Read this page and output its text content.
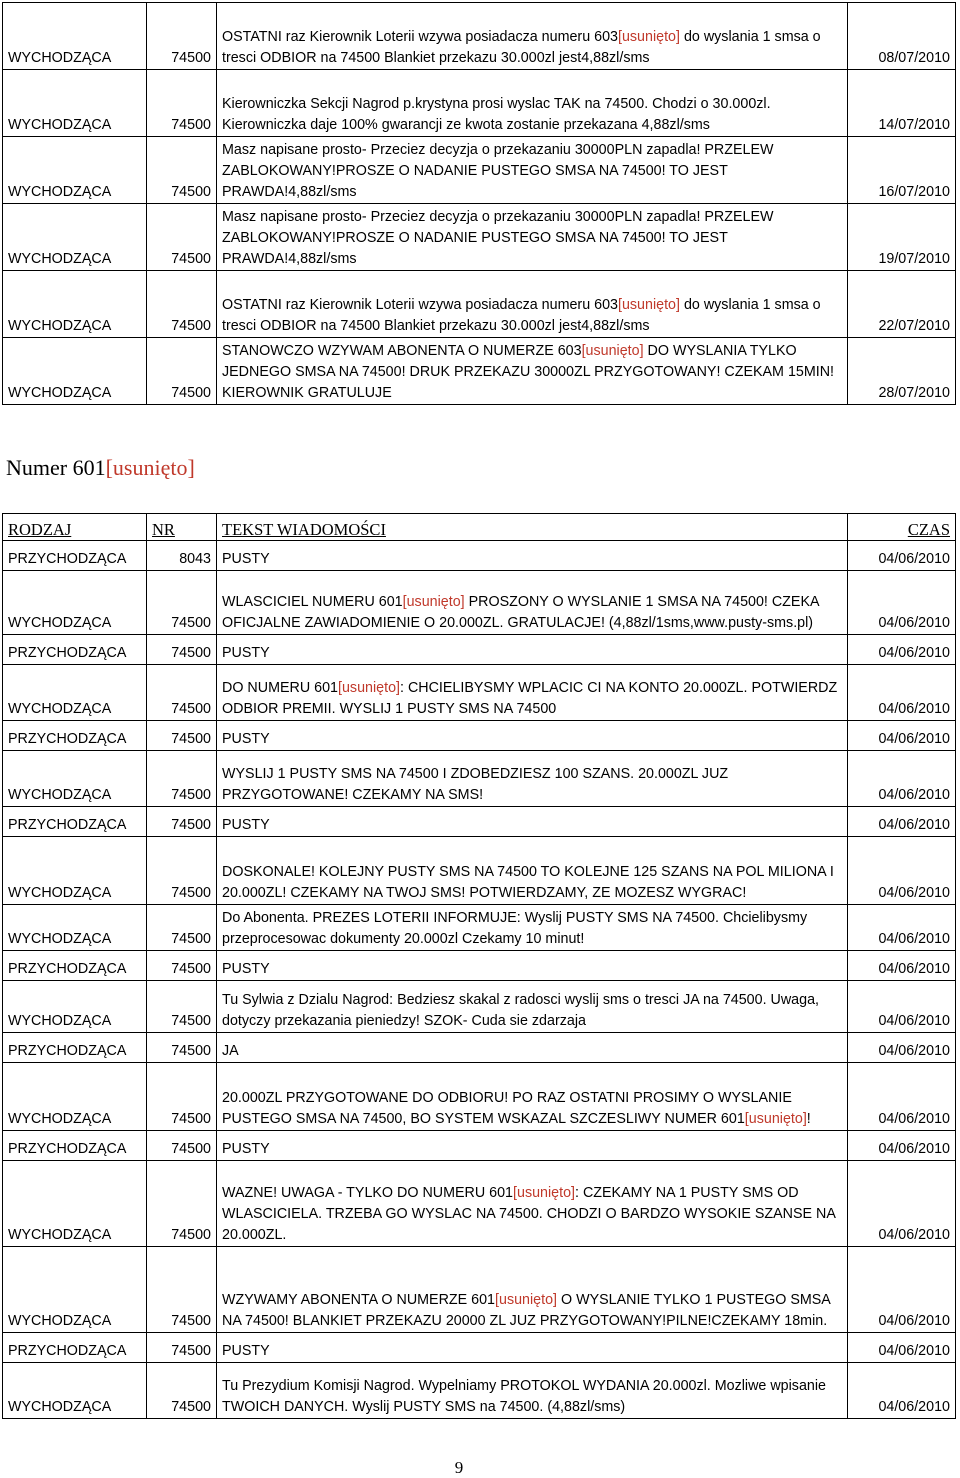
WYCHODZĄCA	74500	OSTATNI raz Kierownik Loterii wzywa posiadacza numeru 603[usunięto] do wyslania 1 smsa o tresci ODBIOR na 74500 Blankiet przekazu 30.000zl jest4,88zl/sms	08/07/2010
WYCHODZĄCA	74500	Kierowniczka Sekcji Nagrod p.krystyna prosi wyslac TAK na 74500. Chodzi o 30.000zl. Kierowniczka daje 100% gwarancji ze kwota zostanie przekazana 4,88zl/sms	14/07/2010
WYCHODZĄCA	74500	Masz napisane prosto- Przeciez decyzja o przekazaniu 30000PLN zapadla! PRZELEW ZABLOKOWANY!PROSZE O NADANIE PUSTEGO SMSA NA 74500! TO JEST PRAWDA!4,88zl/sms	16/07/2010
WYCHODZĄCA	74500	Masz napisane prosto- Przeciez decyzja o przekazaniu 30000PLN zapadla! PRZELEW ZABLOKOWANY!PROSZE O NADANIE PUSTEGO SMSA NA 74500! TO JEST PRAWDA!4,88zl/sms	19/07/2010
WYCHODZĄCA	74500	OSTATNI raz Kierownik Loterii wzywa posiadacza numeru 603[usunięto] do wyslania 1 smsa o tresci ODBIOR na 74500 Blankiet przekazu 30.000zl jest4,88zl/sms	22/07/2010
WYCHODZĄCA	74500	STANOWCZO WZYWAM ABONENTA O NUMERZE 603[usunięto] DO WYSLANIA TYLKO JEDNEGO SMSA NA 74500! DRUK PRZEKAZU 30000ZL PRZYGOTOWANY! CZEKAM 15MIN! KIEROWNIK GRATULUJE	28/07/2010
Numer 601[usunięto]
RODZAJ	NR	TEKST WIADOMOŚCI	CZAS
PRZYCHODZĄCA	8043	PUSTY	04/06/2010
WYCHODZĄCA	74500	WLASCICIEL NUMERU 601[usunięto] PROSZONY O WYSLANIE 1 SMSA NA 74500! CZEKA OFICJALNE ZAWIADOMIENIE O 20.000ZL. GRATULACJE! (4,88zl/1sms,www.pusty-sms.pl)	04/06/2010
PRZYCHODZĄCA	74500	PUSTY	04/06/2010
WYCHODZĄCA	74500	DO NUMERU 601[usunięto]: CHCIELIBYSMY WPLACIC CI NA KONTO 20.000ZL. POTWIERDZ ODBIOR PREMII. WYSLIJ 1 PUSTY SMS NA 74500	04/06/2010
PRZYCHODZĄCA	74500	PUSTY	04/06/2010
WYCHODZĄCA	74500	WYSLIJ 1 PUSTY SMS NA 74500 I ZDOBEDZIESZ 100 SZANS. 20.000ZL JUZ PRZYGOTOWANE! CZEKAMY NA SMS!	04/06/2010
PRZYCHODZĄCA	74500	PUSTY	04/06/2010
WYCHODZĄCA	74500	DOSKONALE! KOLEJNY PUSTY SMS NA 74500 TO KOLEJNE 125 SZANS NA POL MILIONA I 20.000ZL! CZEKAMY NA TWOJ SMS! POTWIERDZAMY, ZE MOZESZ WYGRAC!	04/06/2010
WYCHODZĄCA	74500	Do Abonenta. PREZES LOTERII INFORMUJE: Wyslij PUSTY SMS NA 74500. Chcielibysmy przeprocesowac dokumenty 20.000zl Czekamy 10 minut!	04/06/2010
PRZYCHODZĄCA	74500	PUSTY	04/06/2010
WYCHODZĄCA	74500	Tu Sylwia z Dzialu Nagrod: Bedziesz skakal z radosci wyslij sms o tresci JA na 74500. Uwaga, dotyczy przekazania pieniedzy! SZOK- Cuda sie zdarzaja	04/06/2010
PRZYCHODZĄCA	74500	JA	04/06/2010
WYCHODZĄCA	74500	20.000ZL PRZYGOTOWANE DO ODBIORU! PO RAZ OSTATNI PROSIMY O WYSLANIE PUSTEGO SMSA NA 74500, BO SYSTEM WSKAZAL SZCZESLIWY NUMER 601[usunięto]!	04/06/2010
PRZYCHODZĄCA	74500	PUSTY	04/06/2010
WYCHODZĄCA	74500	WAZNE! UWAGA - TYLKO DO NUMERU 601[usunięto]: CZEKAMY NA 1 PUSTY SMS OD WLASCICIELA. TRZEBA GO WYSLAC NA 74500. CHODZI O BARDZO WYSOKIE SZANSE NA 20.000ZL.	04/06/2010
WYCHODZĄCA	74500	WZYWAMY ABONENTA O NUMERZE 601[usunięto] O WYSLANIE TYLKO 1 PUSTEGO SMSA NA 74500! BLANKIET PRZEKAZU 20000 ZL JUZ PRZYGOTOWANY!PILNE!CZEKAMY 18min.	04/06/2010
PRZYCHODZĄCA	74500	PUSTY	04/06/2010
WYCHODZĄCA	74500	Tu Prezydium Komisji Nagrod. Wypelniamy PROTOKOL WYDANIA 20.000zl. Mozliwe wpisanie TWOICH DANYCH. Wyslij PUSTY SMS na 74500. (4,88zl/sms)	04/06/2010
9
